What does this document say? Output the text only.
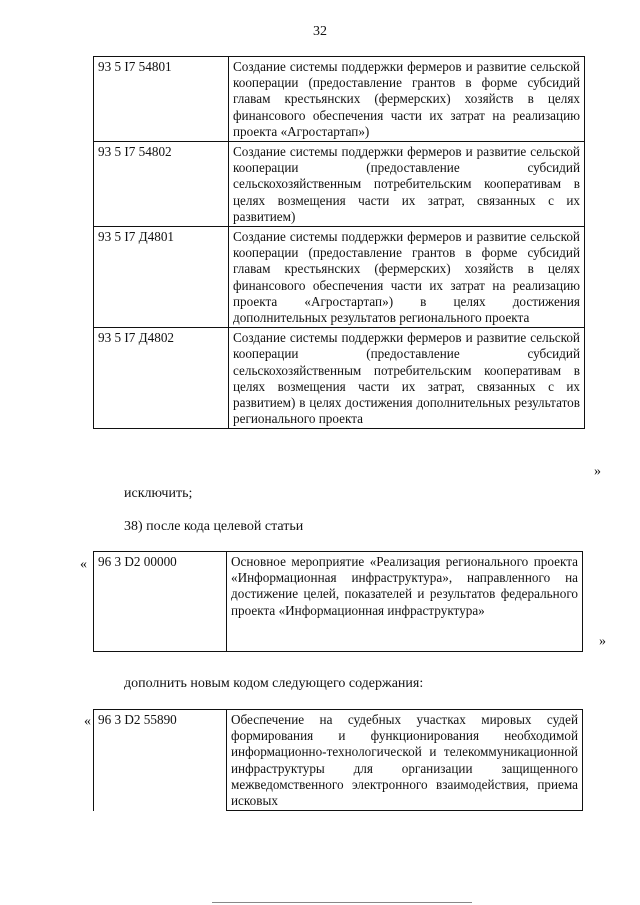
32
93 5 I7 54801	Создание системы поддержки фермеров и развитие сельской кооперации (предоставление грантов в форме субсидий главам крестьянских (фермерских) хозяйств в целях финансового обеспечения части их затрат на реализацию проекта «Агростартап»)
93 5 I7 54802	Создание системы поддержки фермеров и развитие сельской кооперации (предоставление субсидий сельскохозяйственным потребительским кооперативам в целях возмещения части их затрат, связанных с их развитием)
93 5 I7 Д4801	Создание системы поддержки фермеров и развитие сельской кооперации (предоставление грантов в форме субсидий главам крестьянских (фермерских) хозяйств в целях финансового обеспечения части их затрат на реализацию проекта «Агростартап») в целях достижения дополнительных результатов регионального проекта
93 5 I7 Д4802	Создание системы поддержки фермеров и развитие сельской кооперации (предоставление субсидий сельскохозяйственным потребительским кооперативам в целях возмещения части их затрат, связанных с их развитием) в целях достижения дополнительных результатов регионального проекта
»
исключить;
38) после кода целевой статьи
« 96 3 D2 00000	Основное мероприятие «Реализация регионального проекта «Информационная инфраструктура», направленного на достижение целей, показателей и результатов федерального проекта «Информационная инфраструктура»
»
дополнить новым кодом следующего содержания:
« 96 3 D2 55890	Обеспечение на судебных участках мировых судей формирования и функционирования необходимой информационно-технологической и телекоммуникационной инфраструктуры для организации защищенного межведомственного электронного взаимодействия, приема исковых
